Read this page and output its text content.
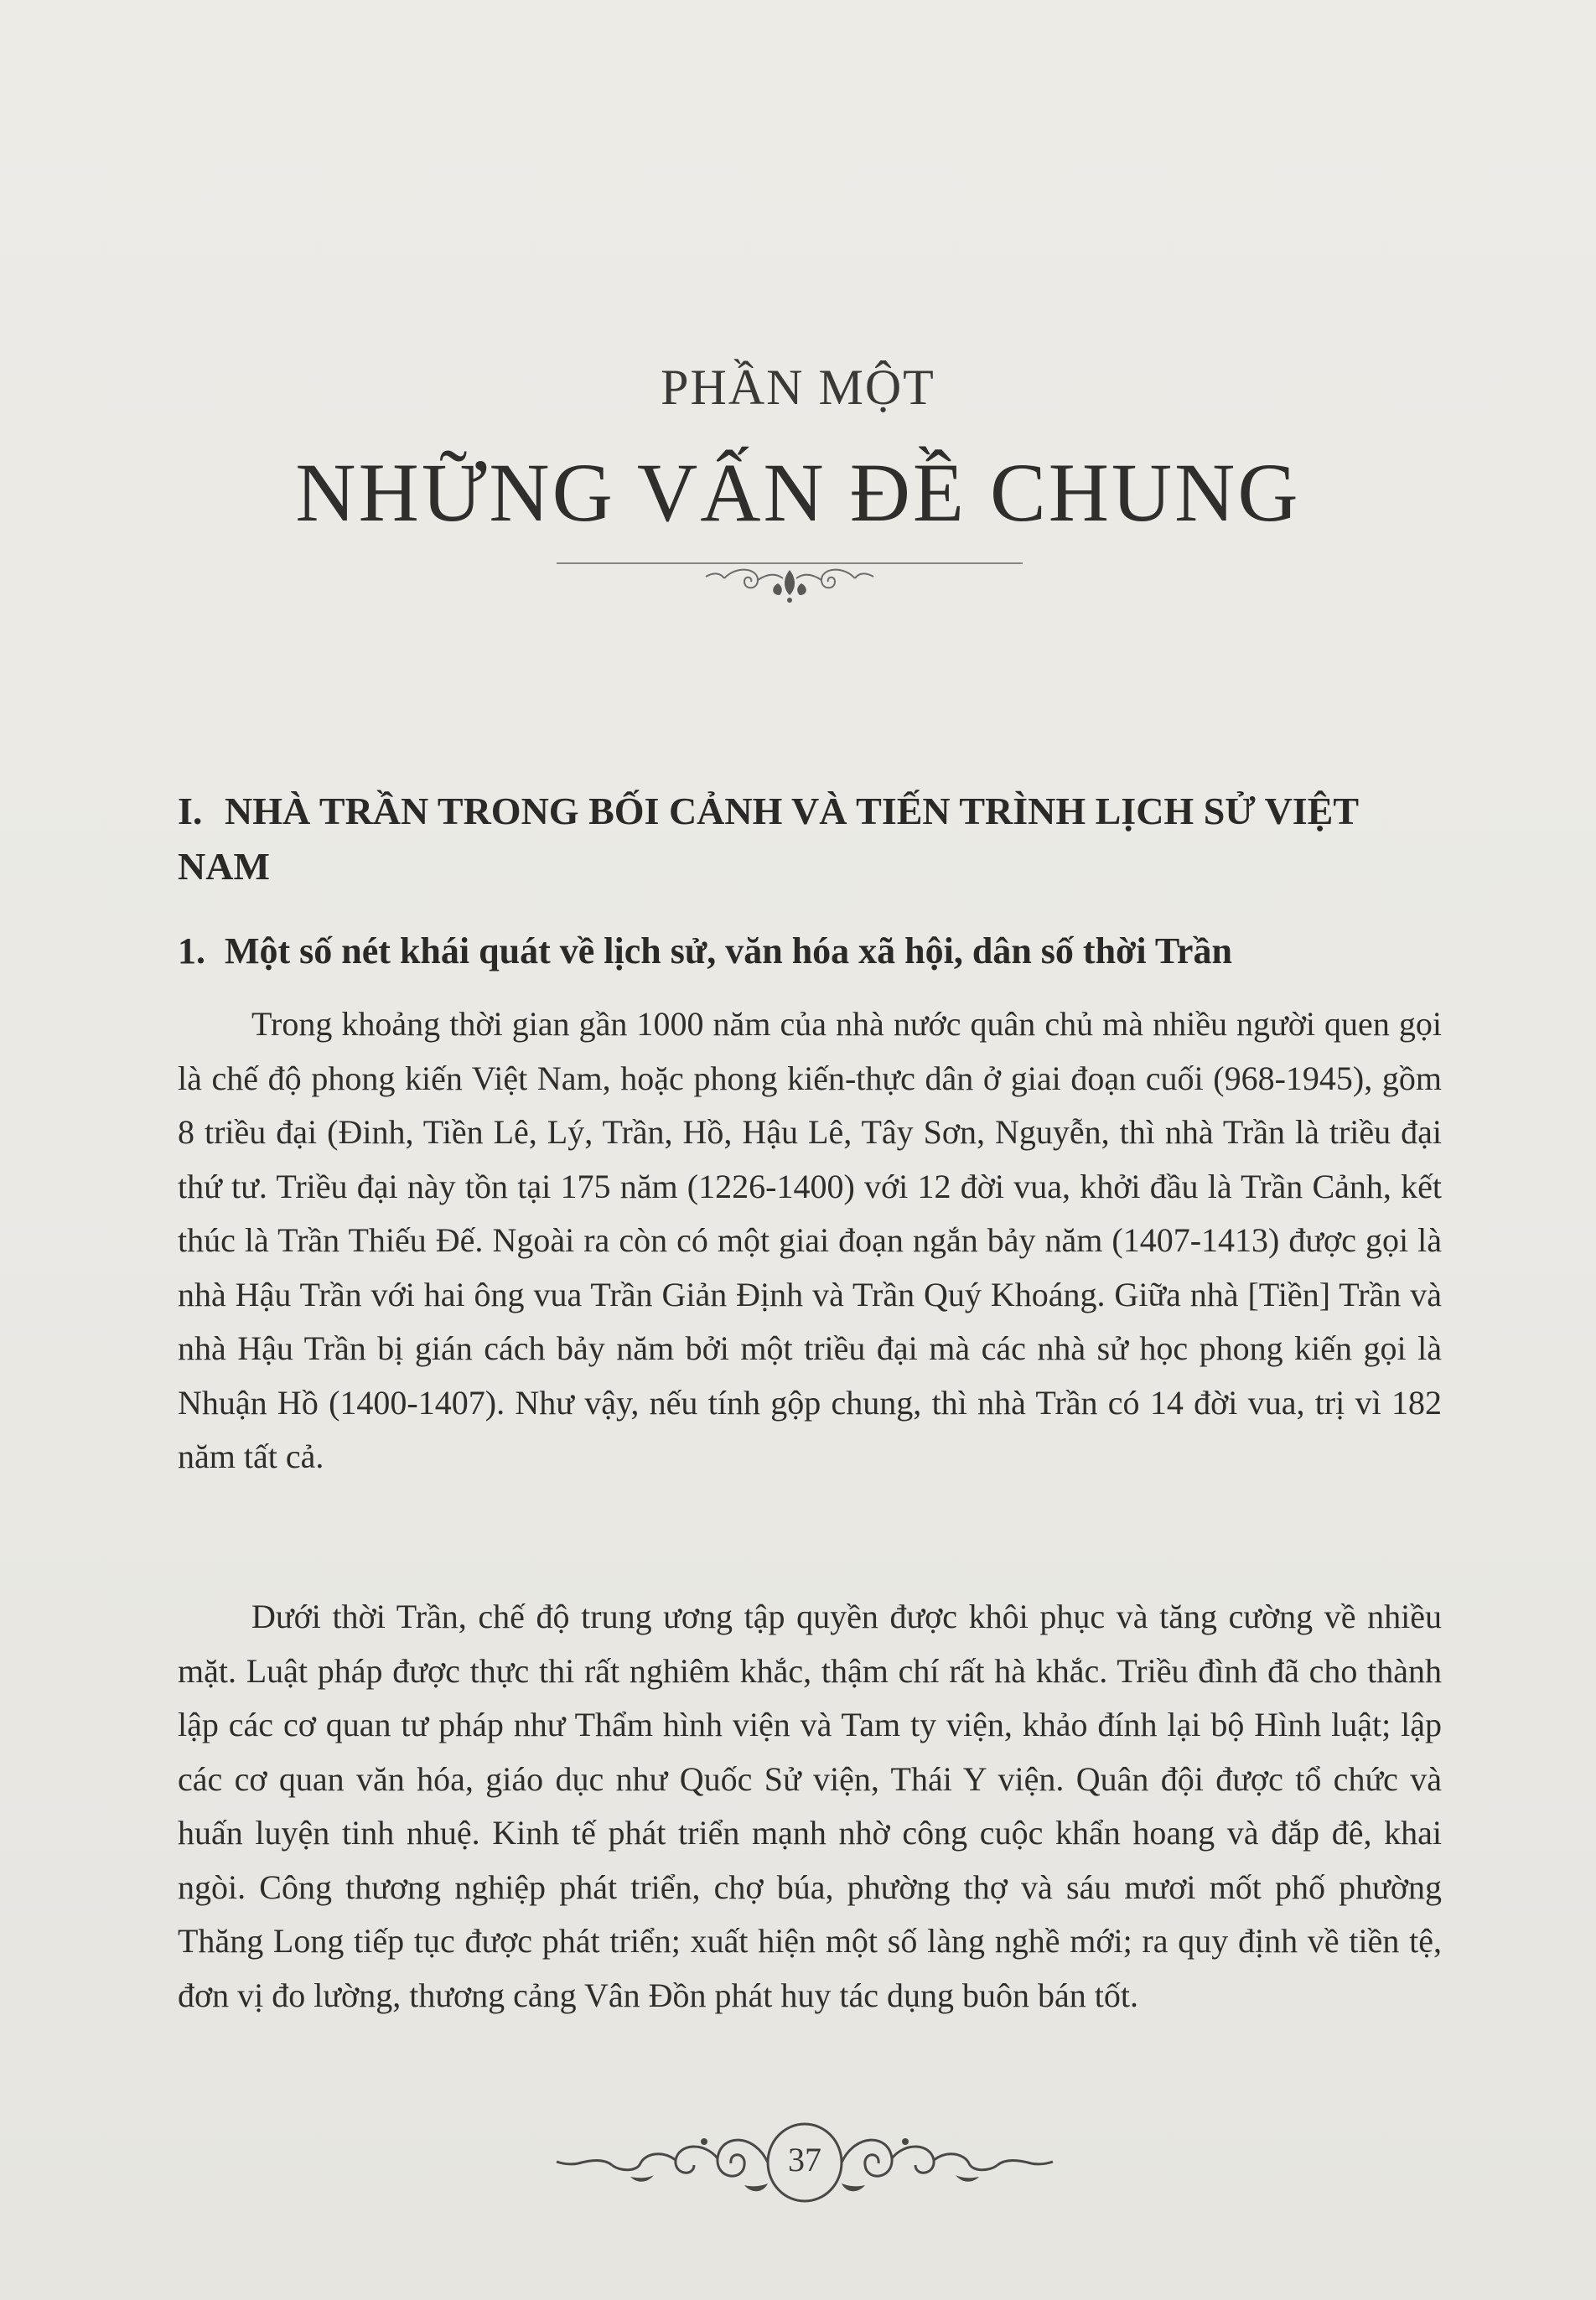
PHẦN MỘT
NHỮNG VẤN ĐỀ CHUNG
I. NHÀ TRẦN TRONG BỐI CẢNH VÀ TIẾN TRÌNH LỊCH SỬ VIỆT NAM
1. Một số nét khái quát về lịch sử, văn hóa xã hội, dân số thời Trần

Trong khoảng thời gian gần 1000 năm của nhà nước quân chủ mà nhiều người quen gọi là chế độ phong kiến Việt Nam, hoặc phong kiến-thực dân ở giai đoạn cuối (968-1945), gồm 8 triều đại (Đinh, Tiền Lê, Lý, Trần, Hồ, Hậu Lê, Tây Sơn, Nguyễn, thì nhà Trần là triều đại thứ tư. Triều đại này tồn tại 175 năm (1226-1400) với 12 đời vua, khởi đầu là Trần Cảnh, kết thúc là Trần Thiếu Đế. Ngoài ra còn có một giai đoạn ngắn bảy năm (1407-1413) được gọi là nhà Hậu Trần với hai ông vua Trần Giản Định và Trần Quý Khoáng. Giữa nhà [Tiền] Trần và nhà Hậu Trần bị gián cách bảy năm bởi một triều đại mà các nhà sử học phong kiến gọi là Nhuận Hồ (1400-1407). Như vậy, nếu tính gộp chung, thì nhà Trần có 14 đời vua, trị vì 182 năm tất cả.

Dưới thời Trần, chế độ trung ương tập quyền được khôi phục và tăng cường về nhiều mặt. Luật pháp được thực thi rất nghiêm khắc, thậm chí rất hà khắc. Triều đình đã cho thành lập các cơ quan tư pháp như Thẩm hình viện và Tam ty viện, khảo đính lại bộ Hình luật; lập các cơ quan văn hóa, giáo dục như Quốc Sử viện, Thái Y viện. Quân đội được tổ chức và huấn luyện tinh nhuệ. Kinh tế phát triển mạnh nhờ công cuộc khẩn hoang và đắp đê, khai ngòi. Công thương nghiệp phát triển, chợ búa, phường thợ và sáu mươi mốt phố phường Thăng Long tiếp tục được phát triển; xuất hiện một số làng nghề mới; ra quy định về tiền tệ, đơn vị đo lường, thương cảng Vân Đồn phát huy tác dụng buôn bán tốt.

37
